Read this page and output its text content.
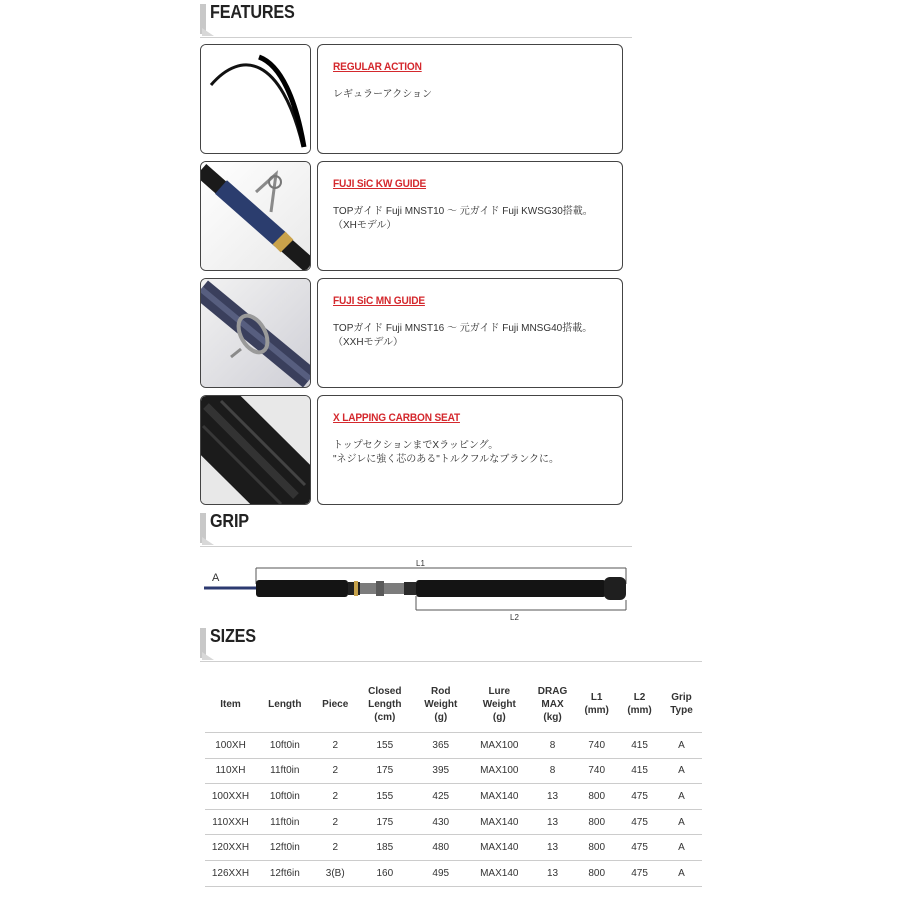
FEATURES
REGULAR ACTION
レギュラーアクション
FUJI SiC KW GUIDE
TOPガイド Fuji MNST10 ～ 元ガイド Fuji KWSG30搭載。
（XHモデル）
FUJI SiC MN GUIDE
TOPガイド Fuji MNST16 ～ 元ガイド Fuji MNSG40搭載。
（XXHモデル）
X LAPPING CARBON SEAT
トップセクションまでXラッピング。
"ネジレに強く芯のある"トルクフルなブランクに。
GRIP
A
L1
L2
SIZES
Item	Length	Piece	Closed
Length
(cm)	Rod
Weight
(g)	Lure
Weight
(g)	DRAG
MAX
(kg)	L1
(mm)	L2
(mm)	Grip
Type
100XH	10ft0in	2	155	365	MAX100	8	740	415	A
110XH	11ft0in	2	175	395	MAX100	8	740	415	A
100XXH	10ft0in	2	155	425	MAX140	13	800	475	A
110XXH	11ft0in	2	175	430	MAX140	13	800	475	A
120XXH	12ft0in	2	185	480	MAX140	13	800	475	A
126XXH	12ft6in	3(B)	160	495	MAX140	13	800	475	A
